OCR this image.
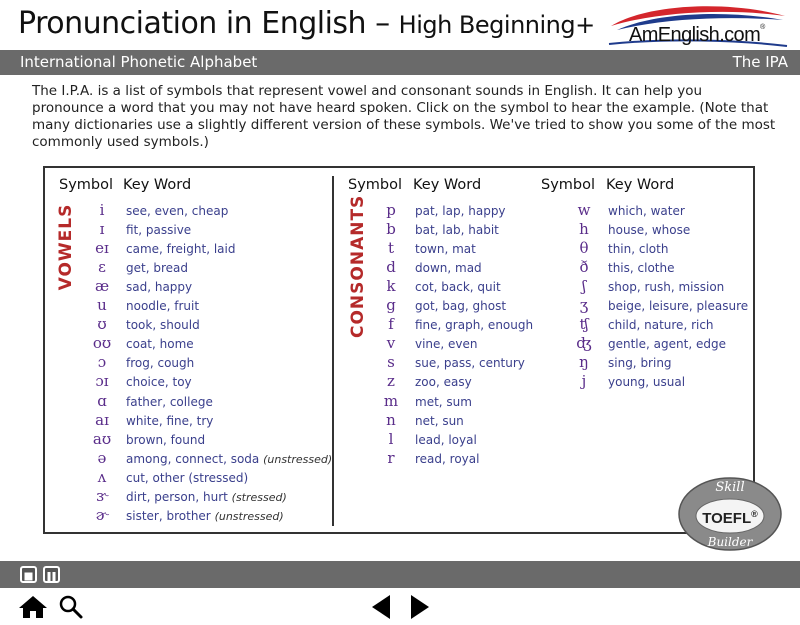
Pronunciation in English – High Beginning+ AmEnglish.com®
International Phonetic Alphabet	The IPA
The I.P.A. is a list of symbols that represent vowel and consonant sounds in English. It can help you pronounce a word that you may not have heard spoken. Click on the symbol to hear the example. (Note that many dictionaries use a slightly different version of these symbols. We've tried to show you some of the most commonly used symbols.)
Symbol Key Word	Symbol Key Word	Symbol Key Word
VOWELS	CONSONANTS
i	see, even, cheap
ɪ	fit, passive
eɪ	came, freight, laid
ɛ	get, bread
æ	sad, happy
u	noodle, fruit
ʊ	took, should
oʊ	coat, home
ɔ	frog, cough
ɔɪ	choice, toy
ɑ	father, college
aɪ	white, fine, try
aʊ	brown, found
ə	among, connect, soda (unstressed)
ʌ	cut, other (stressed)
ɝ	dirt, person, hurt (stressed)
ɚ	sister, brother (unstressed)
p	pat, lap, happy
b	bat, lab, habit
t	town, mat
d	down, mad
k	cot, back, quit
g	got, bag, ghost
f	fine, graph, enough
v	vine, even
s	sue, pass, century
z	zoo, easy
m	met, sum
n	net, sun
l	lead, loyal
r	read, royal
w	which, water
h	house, whose
θ	thin, cloth
ð	this, clothe
ʃ	shop, rush, mission
ʒ	beige, leisure, pleasure
ʧ	child, nature, rich
ʤ	gentle, agent, edge
ŋ	sing, bring
j	young, usual
Skill
TOEFL®
Builder
